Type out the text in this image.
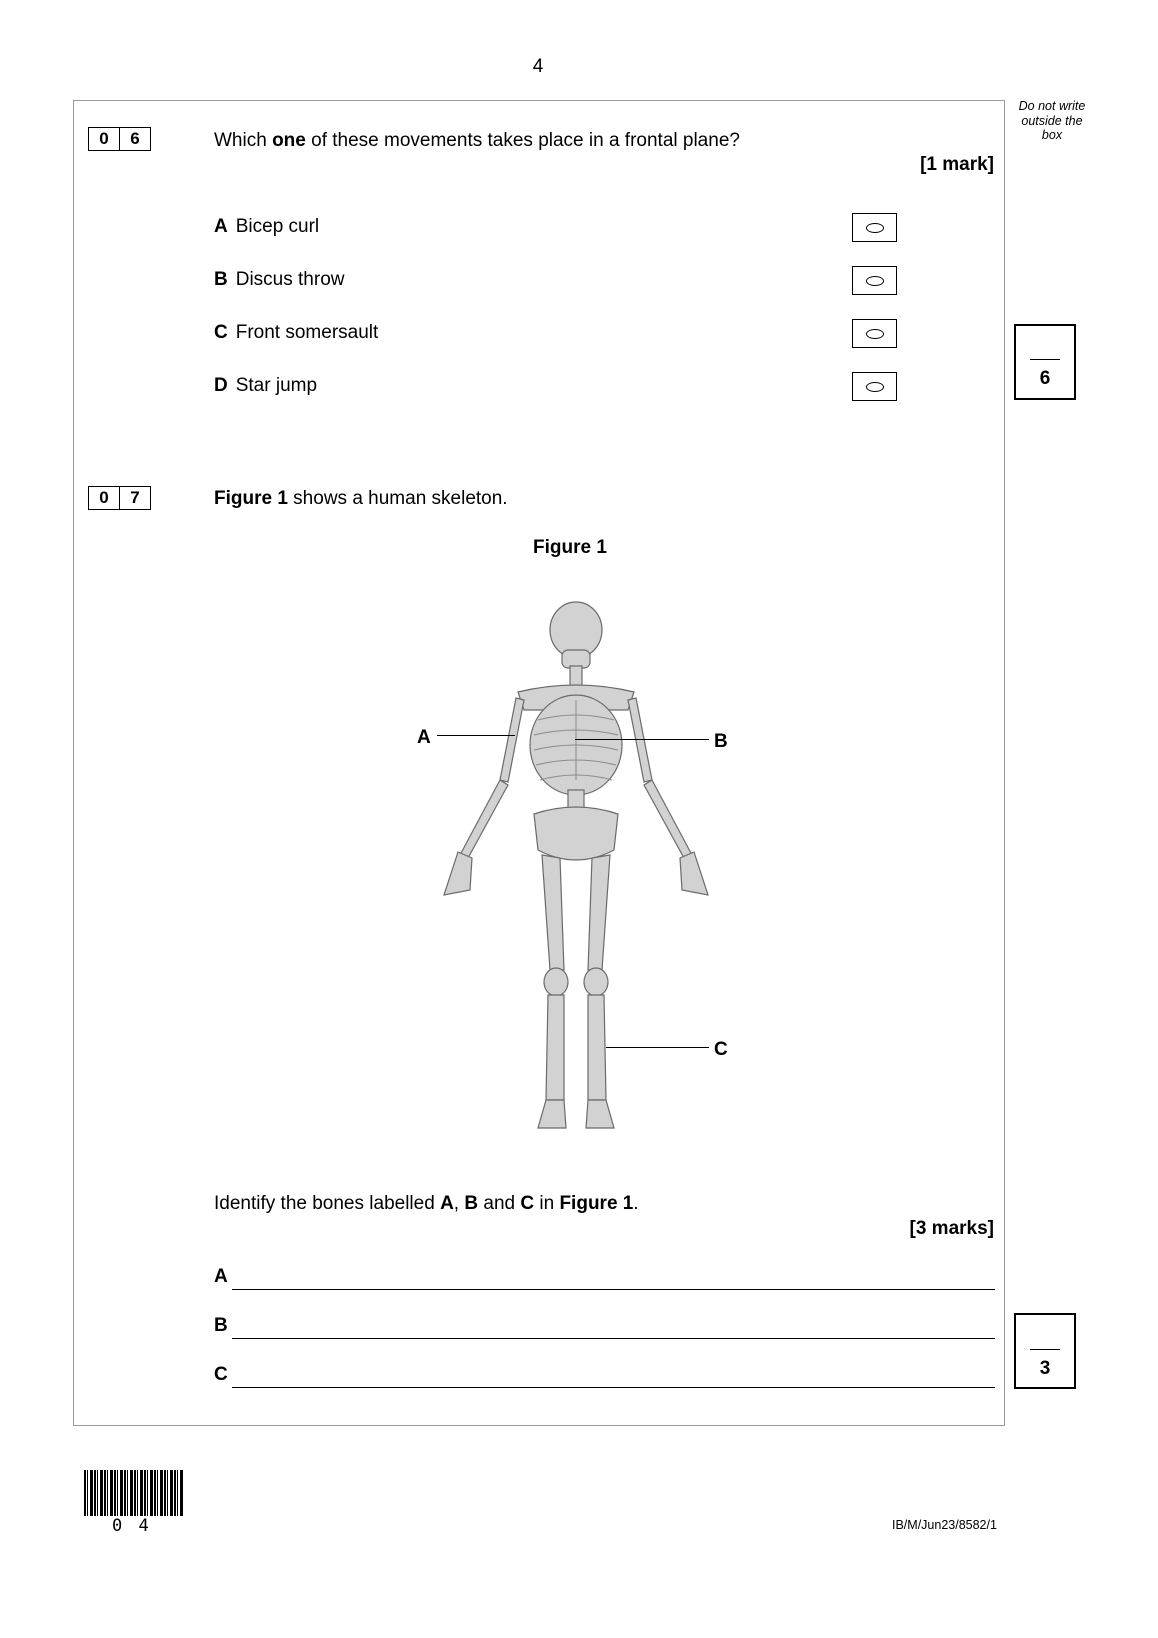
4
Do not write outside the box
0	6	Which one of these movements takes place in a frontal plane?
[1 mark]
A Bicep curl
B Discus throw
C Front somersault
D Star jump	6
0	7	Figure 1 shows a human skeleton.
Figure 1
A	B
C
Identify the bones labelled A, B and C in Figure 1.
[3 marks]
A
B
C	3
0 4	IB/M/Jun23/8582/1
